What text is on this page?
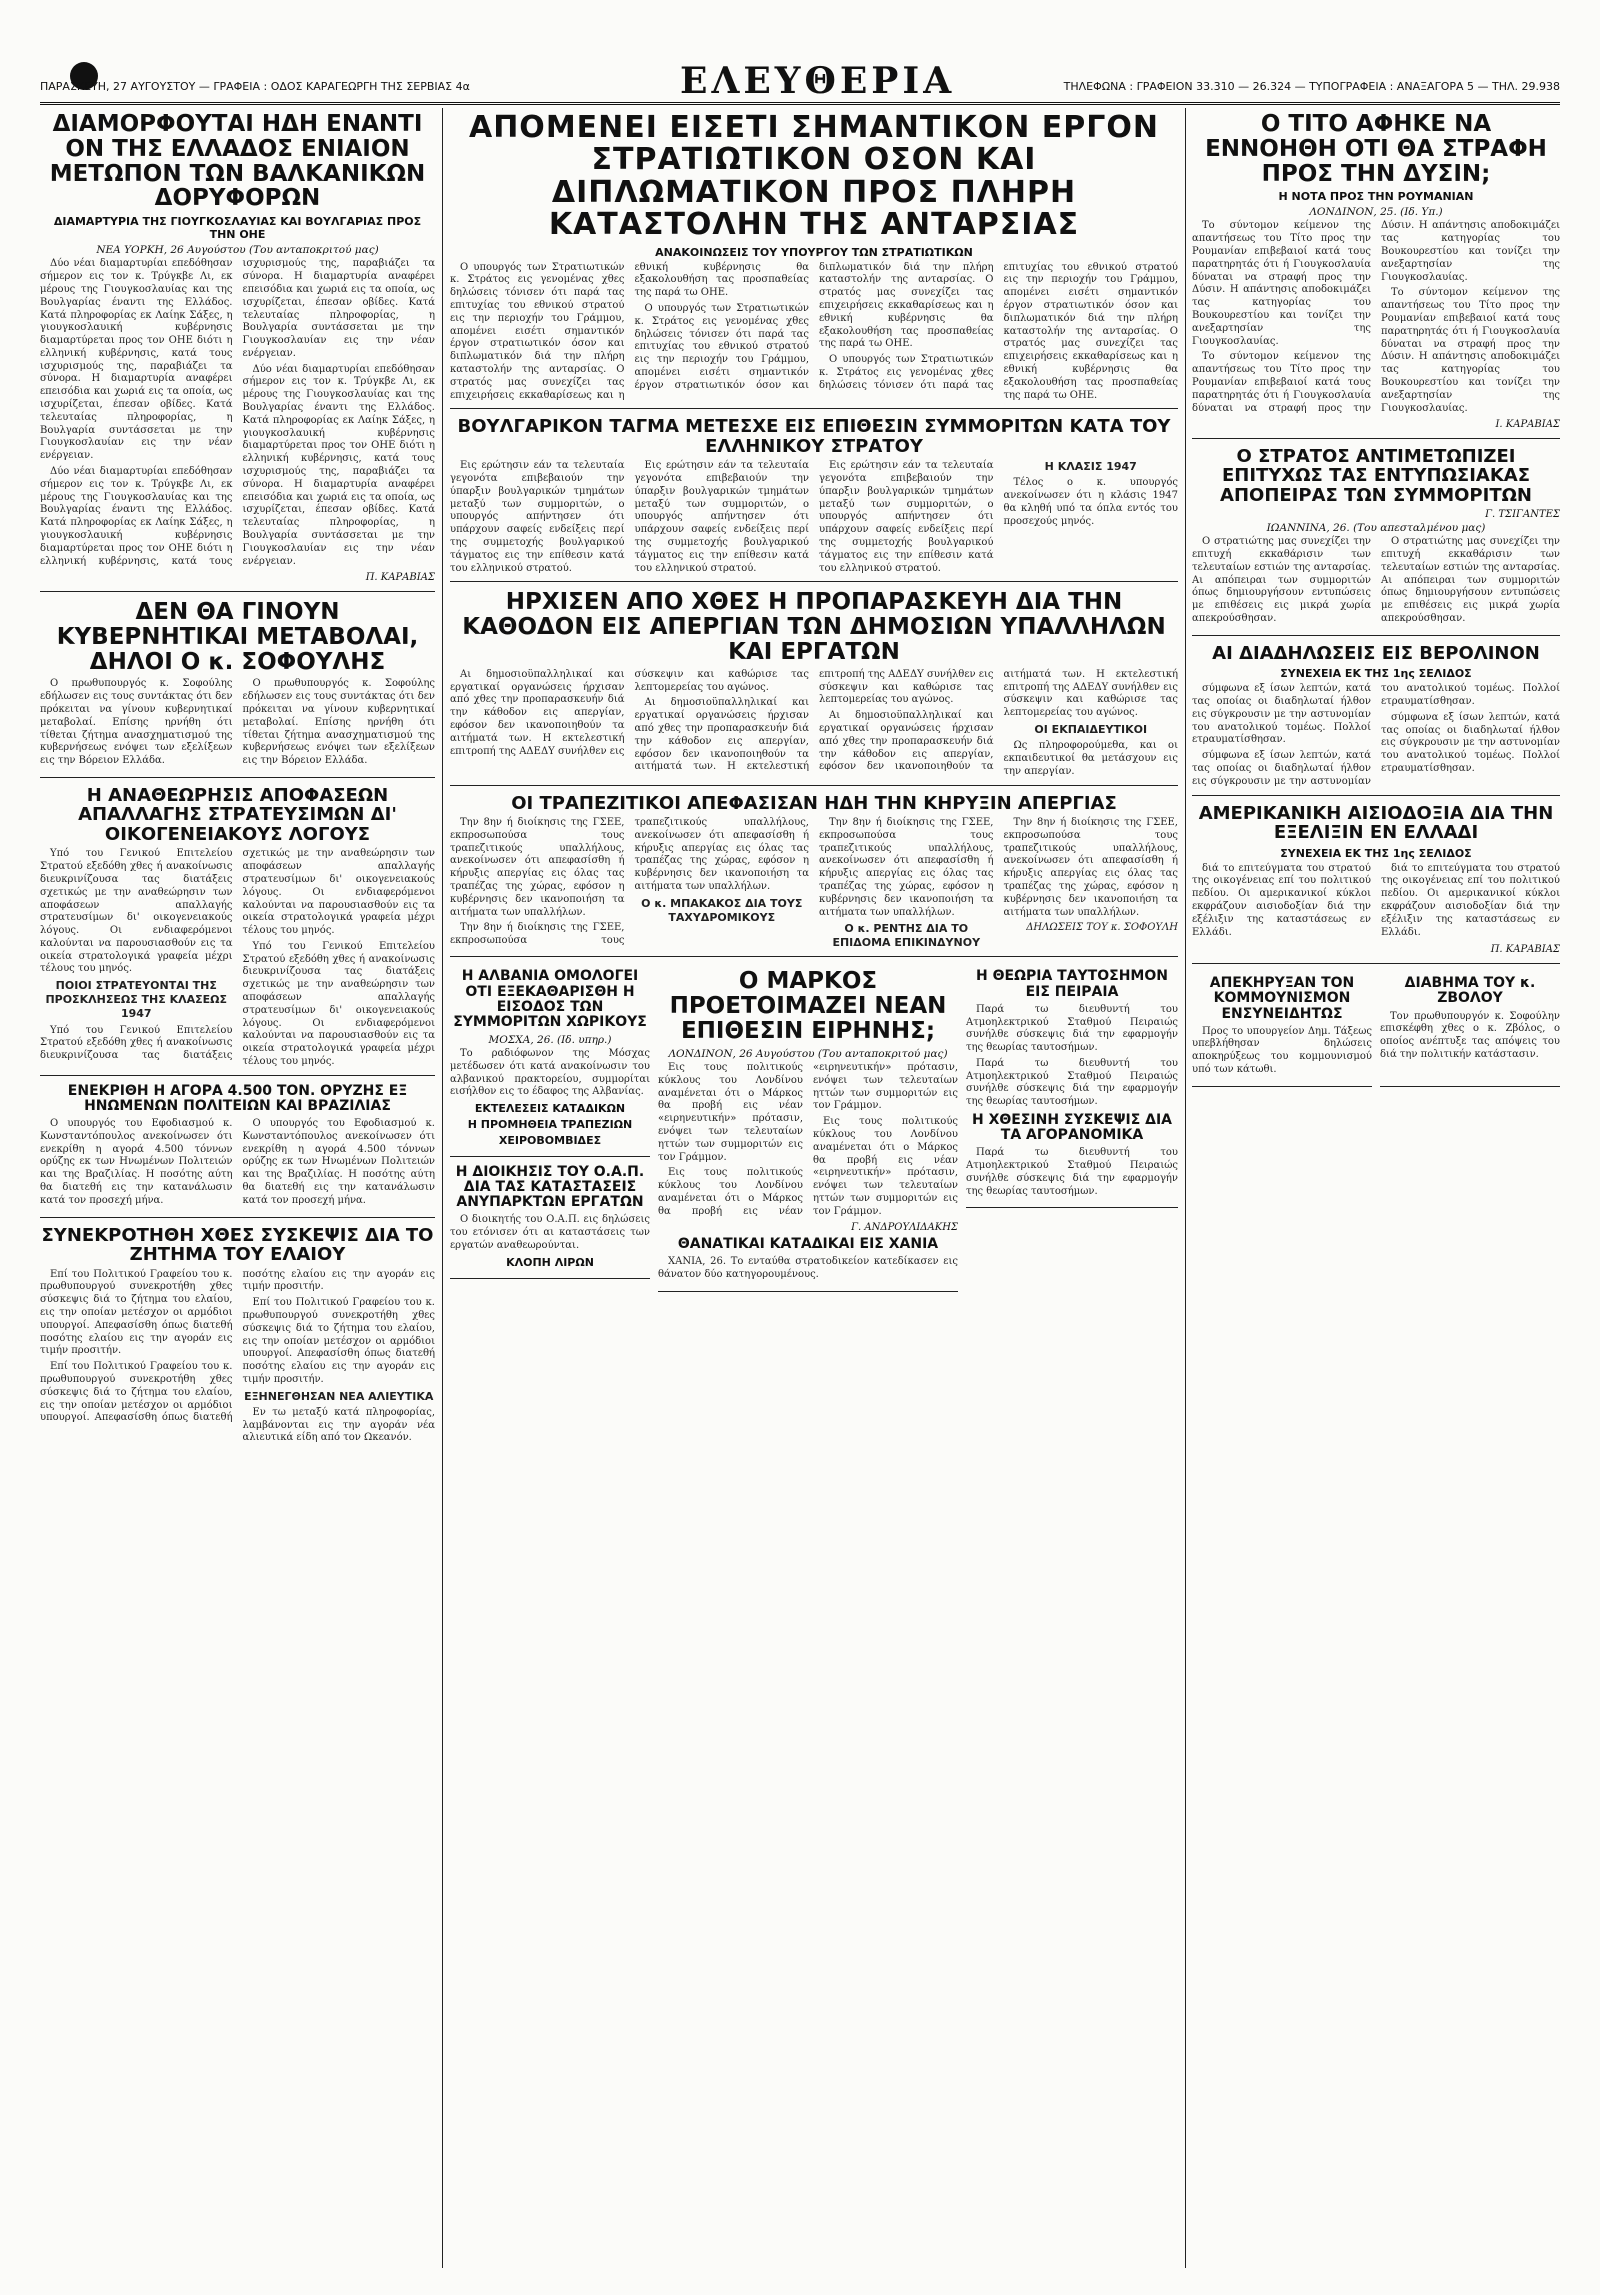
ΠΑΡΑΣΚΕΥΗ, 27 ΑΥΓΟΥΣΤΟΥ — ΓΡΑΦΕΙΑ : ΟΔΟΣ ΚΑΡΑΓΕΩΡΓΗ ΤΗΣ ΣΕΡΒΙΑΣ 4α	ΕΛΕΥΘΕΡΙΑ	ΤΗΛΕΦΩΝΑ : ΓΡΑΦΕΙΟΝ 33.310 — 26.324 — ΤΥΠΟΓΡΑΦΕΙΑ : ΑΝΑΞΑΓΟΡΑ 5 — ΤΗΛ. 29.938
ΔΙΑΜΟΡΦΟΥΤΑΙ ΗΔΗ ΕΝΑΝΤΙ ΟΝ ΤΗΣ ΕΛΛΑΔΟΣ ΕΝΙΑΙΟΝ ΜΕΤΩΠΟΝ ΤΩΝ ΒΑΛΚΑΝΙΚΩΝ ΔΟΡΥΦΟΡΩΝ
ΔΙΑΜΑΡΤΥΡΙΑ ΤΗΣ ΓΙΟΥΓΚΟΣΛΑΥΙΑΣ ΚΑΙ ΒΟΥΛΓΑΡΙΑΣ ΠΡΟΣ ΤΗΝ ΟΗΕ
ΝΕΑ ΥΟΡΚΗ, 26 Αυγούστου (Του ανταποκριτού μας)

Δύο νέαι διαμαρτυρίαι επεδόθησαν σήμερον εις τον κ. Τρύγκβε Λι, εκ μέρους της Γιουγκοσλαυίας και της Βουλγαρίας έναντι της Ελλάδος. Κατά πληροφορίας εκ Λαίηκ Σάξες, η γιουγκοσλαυική κυβέρνησις διαμαρτύρεται προς τον ΟΗΕ διότι η ελληνική κυβέρνησις, κατά τους ισχυρισμούς της, παραβιάζει τα σύνορα. Η διαμαρτυρία αναφέρει επεισόδια και χωριά εις τα οποία, ως ισχυρίζεται, έπεσαν οβίδες. Κατά τελευταίας πληροφορίας, η Βουλγαρία συντάσσεται με την Γιουγκοσλαυίαν εις την νέαν ενέργειαν.

Δύο νέαι διαμαρτυρίαι επεδόθησαν σήμερον εις τον κ. Τρύγκβε Λι, εκ μέρους της Γιουγκοσλαυίας και της Βουλγαρίας έναντι της Ελλάδος. Κατά πληροφορίας εκ Λαίηκ Σάξες, η γιουγκοσλαυική κυβέρνησις διαμαρτύρεται προς τον ΟΗΕ διότι η ελληνική κυβέρνησις, κατά τους ισχυρισμούς της, παραβιάζει τα σύνορα. Η διαμαρτυρία αναφέρει επεισόδια και χωριά εις τα οποία, ως ισχυρίζεται, έπεσαν οβίδες. Κατά τελευταίας πληροφορίας, η Βουλγαρία συντάσσεται με την Γιουγκοσλαυίαν εις την νέαν ενέργειαν.

Δύο νέαι διαμαρτυρίαι επεδόθησαν σήμερον εις τον κ. Τρύγκβε Λι, εκ μέρους της Γιουγκοσλαυίας και της Βουλγαρίας έναντι της Ελλάδος. Κατά πληροφορίας εκ Λαίηκ Σάξες, η γιουγκοσλαυική κυβέρνησις διαμαρτύρεται προς τον ΟΗΕ διότι η ελληνική κυβέρνησις, κατά τους ισχυρισμούς της, παραβιάζει τα σύνορα. Η διαμαρτυρία αναφέρει επεισόδια και χωριά εις τα οποία, ως ισχυρίζεται, έπεσαν οβίδες. Κατά τελευταίας πληροφορίας, η Βουλγαρία συντάσσεται με την Γιουγκοσλαυίαν εις την νέαν ενέργειαν.

Π. ΚΑΡΑΒΙΑΣ
ΔΕΝ ΘΑ ΓΙΝΟΥΝ ΚΥΒΕΡΝΗΤΙΚΑΙ ΜΕΤΑΒΟΛΑΙ, ΔΗΛΟΙ Ο κ. ΣΟΦΟΥΛΗΣ

Ο πρωθυπουργός κ. Σοφούλης εδήλωσεν εις τους συντάκτας ότι δεν πρόκειται να γίνουν κυβερνητικαί μεταβολαί. Επίσης ηρνήθη ότι τίθεται ζήτημα ανασχηματισμού της κυβερνήσεως ενόψει των εξελίξεων εις την Βόρειον Ελλάδα.

Ο πρωθυπουργός κ. Σοφούλης εδήλωσεν εις τους συντάκτας ότι δεν πρόκειται να γίνουν κυβερνητικαί μεταβολαί. Επίσης ηρνήθη ότι τίθεται ζήτημα ανασχηματισμού της κυβερνήσεως ενόψει των εξελίξεων εις την Βόρειον Ελλάδα.

Η ΑΝΑΘΕΩΡΗΣΙΣ ΑΠΟΦΑΣΕΩΝ ΑΠΑΛΛΑΓΗΣ ΣΤΡΑΤΕΥΣΙΜΩΝ ΔΙ' ΟΙΚΟΓΕΝΕΙΑΚΟΥΣ ΛΟΓΟΥΣ

Υπό του Γενικού Επιτελείου Στρατού εξεδόθη χθες ή ανακοίνωσις διευκρινίζουσα τας διατάξεις σχετικώς με την αναθεώρησιν των αποφάσεων απαλλαγής στρατευσίμων δι' οικογενειακούς λόγους. Οι ενδιαφερόμενοι καλούνται να παρουσιασθούν εις τα οικεία στρατολογικά γραφεία μέχρι τέλους του μηνός.

ΠΟΙΟΙ ΣΤΡΑΤΕΥΟΝΤΑΙ ΤΗΣ ΠΡΟΣΚΛΗΣΕΩΣ ΤΗΣ ΚΛΑΣΕΩΣ 1947

Υπό του Γενικού Επιτελείου Στρατού εξεδόθη χθες ή ανακοίνωσις διευκρινίζουσα τας διατάξεις σχετικώς με την αναθεώρησιν των αποφάσεων απαλλαγής στρατευσίμων δι' οικογενειακούς λόγους. Οι ενδιαφερόμενοι καλούνται να παρουσιασθούν εις τα οικεία στρατολογικά γραφεία μέχρι τέλους του μηνός.

Υπό του Γενικού Επιτελείου Στρατού εξεδόθη χθες ή ανακοίνωσις διευκρινίζουσα τας διατάξεις σχετικώς με την αναθεώρησιν των αποφάσεων απαλλαγής στρατευσίμων δι' οικογενειακούς λόγους. Οι ενδιαφερόμενοι καλούνται να παρουσιασθούν εις τα οικεία στρατολογικά γραφεία μέχρι τέλους του μηνός.

ΕΝΕΚΡΙΘΗ Η ΑΓΟΡΑ 4.500 ΤΟΝ. ΟΡΥΖΗΣ ΕΞ ΗΝΩΜΕΝΩΝ ΠΟΛΙΤΕΙΩΝ ΚΑΙ ΒΡΑΖΙΛΙΑΣ

Ο υπουργός του Εφοδιασμού κ. Κωνσταντόπουλος ανεκοίνωσεν ότι ενεκρίθη η αγορά 4.500 τόννων ορύζης εκ των Ηνωμένων Πολιτειών και της Βραζιλίας. Η ποσότης αύτη θα διατεθή εις την κατανάλωσιν κατά τον προσεχή μήνα.

Ο υπουργός του Εφοδιασμού κ. Κωνσταντόπουλος ανεκοίνωσεν ότι ενεκρίθη η αγορά 4.500 τόννων ορύζης εκ των Ηνωμένων Πολιτειών και της Βραζιλίας. Η ποσότης αύτη θα διατεθή εις την κατανάλωσιν κατά τον προσεχή μήνα.

ΣΥΝΕΚΡΟΤΗΘΗ ΧΘΕΣ ΣΥΣΚΕΨΙΣ ΔΙΑ ΤΟ ΖΗΤΗΜΑ ΤΟΥ ΕΛΑΙΟΥ

Επί του Πολιτικού Γραφείου του κ. πρωθυπουργού συνεκροτήθη χθες σύσκεψις διά το ζήτημα του ελαίου, εις την οποίαν μετέσχον οι αρμόδιοι υπουργοί. Απεφασίσθη όπως διατεθή ποσότης ελαίου εις την αγοράν εις τιμήν προσιτήν.

Επί του Πολιτικού Γραφείου του κ. πρωθυπουργού συνεκροτήθη χθες σύσκεψις διά το ζήτημα του ελαίου, εις την οποίαν μετέσχον οι αρμόδιοι υπουργοί. Απεφασίσθη όπως διατεθή ποσότης ελαίου εις την αγοράν εις τιμήν προσιτήν.

Επί του Πολιτικού Γραφείου του κ. πρωθυπουργού συνεκροτήθη χθες σύσκεψις διά το ζήτημα του ελαίου, εις την οποίαν μετέσχον οι αρμόδιοι υπουργοί. Απεφασίσθη όπως διατεθή ποσότης ελαίου εις την αγοράν εις τιμήν προσιτήν.

ΕΞΗΝΕΓΘΗΣΑΝ ΝΕΑ ΑΛΙΕΥΤΙΚΑ

Εν τω μεταξύ κατά πληροφορίας, λαμβάνονται εις την αγοράν νέα αλιευτικά είδη από τον Ωκεανόν.

ΑΠΟΜΕΝΕΙ ΕΙΣΕΤΙ ΣΗΜΑΝΤΙΚΟΝ ΕΡΓΟΝ ΣΤΡΑΤΙΩΤΙΚΟΝ ΟΣΟΝ ΚΑΙ ΔΙΠΛΩΜΑΤΙΚΟΝ ΠΡΟΣ ΠΛΗΡΗ ΚΑΤΑΣΤΟΛΗΝ ΤΗΣ ΑΝΤΑΡΣΙΑΣ
ΑΝΑΚΟΙΝΩΣΕΙΣ ΤΟΥ ΥΠΟΥΡΓΟΥ ΤΩΝ ΣΤΡΑΤΙΩΤΙΚΩΝ

Ο υπουργός των Στρατιωτικών κ. Στράτος εις γενομένας χθες δηλώσεις τόνισεν ότι παρά τας επιτυχίας του εθνικού στρατού εις την περιοχήν του Γράμμου, απομένει εισέτι σημαντικόν έργον στρατιωτικόν όσον και διπλωματικόν διά την πλήρη καταστολήν της ανταρσίας. Ο στρατός μας συνεχίζει τας επιχειρήσεις εκκαθαρίσεως και η εθνική κυβέρνησις θα εξακολουθήση τας προσπαθείας της παρά τω ΟΗΕ.

Ο υπουργός των Στρατιωτικών κ. Στράτος εις γενομένας χθες δηλώσεις τόνισεν ότι παρά τας επιτυχίας του εθνικού στρατού εις την περιοχήν του Γράμμου, απομένει εισέτι σημαντικόν έργον στρατιωτικόν όσον και διπλωματικόν διά την πλήρη καταστολήν της ανταρσίας. Ο στρατός μας συνεχίζει τας επιχειρήσεις εκκαθαρίσεως και η εθνική κυβέρνησις θα εξακολουθήση τας προσπαθείας της παρά τω ΟΗΕ.

Ο υπουργός των Στρατιωτικών κ. Στράτος εις γενομένας χθες δηλώσεις τόνισεν ότι παρά τας επιτυχίας του εθνικού στρατού εις την περιοχήν του Γράμμου, απομένει εισέτι σημαντικόν έργον στρατιωτικόν όσον και διπλωματικόν διά την πλήρη καταστολήν της ανταρσίας. Ο στρατός μας συνεχίζει τας επιχειρήσεις εκκαθαρίσεως και η εθνική κυβέρνησις θα εξακολουθήση τας προσπαθείας της παρά τω ΟΗΕ.

ΒΟΥΛΓΑΡΙΚΟΝ ΤΑΓΜΑ ΜΕΤΕΣΧΕ ΕΙΣ ΕΠΙΘΕΣΙΝ ΣΥΜΜΟΡΙΤΩΝ ΚΑΤΑ ΤΟΥ ΕΛΛΗΝΙΚΟΥ ΣΤΡΑΤΟΥ

Εις ερώτησιν εάν τα τελευταία γεγονότα επιβεβαιούν την ύπαρξιν βουλγαρικών τμημάτων μεταξύ των συμμοριτών, ο υπουργός απήντησεν ότι υπάρχουν σαφείς ενδείξεις περί της συμμετοχής βουλγαρικού τάγματος εις την επίθεσιν κατά του ελληνικού στρατού.

Εις ερώτησιν εάν τα τελευταία γεγονότα επιβεβαιούν την ύπαρξιν βουλγαρικών τμημάτων μεταξύ των συμμοριτών, ο υπουργός απήντησεν ότι υπάρχουν σαφείς ενδείξεις περί της συμμετοχής βουλγαρικού τάγματος εις την επίθεσιν κατά του ελληνικού στρατού.

Εις ερώτησιν εάν τα τελευταία γεγονότα επιβεβαιούν την ύπαρξιν βουλγαρικών τμημάτων μεταξύ των συμμοριτών, ο υπουργός απήντησεν ότι υπάρχουν σαφείς ενδείξεις περί της συμμετοχής βουλγαρικού τάγματος εις την επίθεσιν κατά του ελληνικού στρατού.

Η ΚΛΑΣΙΣ 1947

Τέλος ο κ. υπουργός ανεκοίνωσεν ότι η κλάσις 1947 θα κληθή υπό τα όπλα εντός του προσεχούς μηνός.

ΗΡΧΙΣΕΝ ΑΠΟ ΧΘΕΣ Η ΠΡΟΠΑΡΑΣΚΕΥΗ ΔΙΑ ΤΗΝ ΚΑΘΟΔΟΝ ΕΙΣ ΑΠΕΡΓΙΑΝ ΤΩΝ ΔΗΜΟΣΙΩΝ ΥΠΑΛΛΗΛΩΝ ΚΑΙ ΕΡΓΑΤΩΝ

Αι δημοσιοϋπαλληλικαί και εργατικαί οργανώσεις ήρχισαν από χθες την προπαρασκευήν διά την κάθοδον εις απεργίαν, εφόσον δεν ικανοποιηθούν τα αιτήματά των. Η εκτελεστική επιτροπή της ΑΔΕΔΥ συνήλθεν εις σύσκεψιν και καθώρισε τας λεπτομερείας του αγώνος.

Αι δημοσιοϋπαλληλικαί και εργατικαί οργανώσεις ήρχισαν από χθες την προπαρασκευήν διά την κάθοδον εις απεργίαν, εφόσον δεν ικανοποιηθούν τα αιτήματά των. Η εκτελεστική επιτροπή της ΑΔΕΔΥ συνήλθεν εις σύσκεψιν και καθώρισε τας λεπτομερείας του αγώνος.

Αι δημοσιοϋπαλληλικαί και εργατικαί οργανώσεις ήρχισαν από χθες την προπαρασκευήν διά την κάθοδον εις απεργίαν, εφόσον δεν ικανοποιηθούν τα αιτήματά των. Η εκτελεστική επιτροπή της ΑΔΕΔΥ συνήλθεν εις σύσκεψιν και καθώρισε τας λεπτομερείας του αγώνος.

ΟΙ ΕΚΠΑΙΔΕΥΤΙΚΟΙ

Ως πληροφορούμεθα, και οι εκπαιδευτικοί θα μετάσχουν εις την απεργίαν.

ΟΙ ΤΡΑΠΕΖΙΤΙΚΟΙ ΑΠΕΦΑΣΙΣΑΝ ΗΔΗ ΤΗΝ ΚΗΡΥΞΙΝ ΑΠΕΡΓΙΑΣ

Την 8ην ή διοίκησις της ΓΣΕΕ, εκπροσωπούσα τους τραπεζιτικούς υπαλλήλους, ανεκοίνωσεν ότι απεφασίσθη ή κήρυξις απεργίας εις όλας τας τραπέζας της χώρας, εφόσον η κυβέρνησις δεν ικανοποιήση τα αιτήματα των υπαλλήλων.

Την 8ην ή διοίκησις της ΓΣΕΕ, εκπροσωπούσα τους τραπεζιτικούς υπαλλήλους, ανεκοίνωσεν ότι απεφασίσθη ή κήρυξις απεργίας εις όλας τας τραπέζας της χώρας, εφόσον η κυβέρνησις δεν ικανοποιήση τα αιτήματα των υπαλλήλων.

Ο κ. ΜΠΑΚΑΚΟΣ ΔΙΑ ΤΟΥΣ ΤΑΧΥΔΡΟΜΙΚΟΥΣ

Την 8ην ή διοίκησις της ΓΣΕΕ, εκπροσωπούσα τους τραπεζιτικούς υπαλλήλους, ανεκοίνωσεν ότι απεφασίσθη ή κήρυξις απεργίας εις όλας τας τραπέζας της χώρας, εφόσον η κυβέρνησις δεν ικανοποιήση τα αιτήματα των υπαλλήλων.

Ο κ. ΡΕΝΤΗΣ ΔΙΑ ΤΟ ΕΠΙΔΟΜΑ ΕΠΙΚΙΝΔΥΝΟΥ

Την 8ην ή διοίκησις της ΓΣΕΕ, εκπροσωπούσα τους τραπεζιτικούς υπαλλήλους, ανεκοίνωσεν ότι απεφασίσθη ή κήρυξις απεργίας εις όλας τας τραπέζας της χώρας, εφόσον η κυβέρνησις δεν ικανοποιήση τα αιτήματα των υπαλλήλων.

ΔΗΛΩΣΕΙΣ ΤΟΥ κ. ΣΟΦΟΥΛΗ
Η ΑΛΒΑΝΙΑ ΟΜΟΛΟΓΕΙ ΟΤΙ ΕΞΕΚΑΘΑΡΙΣΘΗ Η ΕΙΣΟΔΟΣ ΤΩΝ ΣΥΜΜΟΡΙΤΩΝ ΧΩΡΙΚΟΥΣ
ΜΟΣΧΑ, 26. (Ιδ. υπηρ.)

Το ραδιόφωνον της Μόσχας μετέδωσεν ότι κατά ανακοίνωσιν του αλβανικού πρακτορείου, συμμορίται εισήλθον εις το έδαφος της Αλβανίας.

ΕΚΤΕΛΕΣΕΙΣ ΚΑΤΑΔΙΚΩΝ
Η ΠΡΟΜΗΘΕΙΑ ΤΡΑΠΕΖΙΩΝ
ΧΕΙΡΟΒΟΜΒΙΔΕΣ
Η ΔΙΟΙΚΗΣΙΣ ΤΟΥ Ο.Α.Π. ΔΙΑ ΤΑΣ ΚΑΤΑΣΤΑΣΕΙΣ ΑΝΥΠΑΡΚΤΩΝ ΕΡΓΑΤΩΝ

Ο διοικητής του Ο.Α.Π. εις δηλώσεις του ετόνισεν ότι αι καταστάσεις των εργατών αναθεωρούνται.

ΚΛΟΠΗ ΛΙΡΩΝ
Ο ΜΑΡΚΟΣ ΠΡΟΕΤΟΙΜΑΖΕΙ ΝΕΑΝ ΕΠΙΘΕΣΙΝ ΕΙΡΗΝΗΣ;
ΛΟΝΔΙΝΟΝ, 26 Αυγούστου (Του ανταποκριτού μας)

Εις τους πολιτικούς κύκλους του Λονδίνου αναμένεται ότι ο Μάρκος θα προβή εις νέαν «ειρηνευτικήν» πρότασιν, ενόψει των τελευταίων ηττών των συμμοριτών εις τον Γράμμον.

Εις τους πολιτικούς κύκλους του Λονδίνου αναμένεται ότι ο Μάρκος θα προβή εις νέαν «ειρηνευτικήν» πρότασιν, ενόψει των τελευταίων ηττών των συμμοριτών εις τον Γράμμον.

Εις τους πολιτικούς κύκλους του Λονδίνου αναμένεται ότι ο Μάρκος θα προβή εις νέαν «ειρηνευτικήν» πρότασιν, ενόψει των τελευταίων ηττών των συμμοριτών εις τον Γράμμον.

Γ. ΑΝΔΡΟΥΛΙΔΑΚΗΣ
ΘΑΝΑΤΙΚΑΙ ΚΑΤΑΔΙΚΑΙ ΕΙΣ ΧΑΝΙΑ

ΧΑΝΙΑ, 26. Το ενταύθα στρατοδικείον κατεδίκασεν εις θάνατον δύο κατηγορουμένους.

Η ΘΕΩΡΙΑ ΤΑΥΤΟΣΗΜΟΝ ΕΙΣ ΠΕΙΡΑΙΑ

Παρά τω διευθυντή του Ατμοηλεκτρικού Σταθμού Πειραιώς συνήλθε σύσκεψις διά την εφαρμογήν της θεωρίας ταυτοσήμων.

Παρά τω διευθυντή του Ατμοηλεκτρικού Σταθμού Πειραιώς συνήλθε σύσκεψις διά την εφαρμογήν της θεωρίας ταυτοσήμων.

Η ΧΘΕΣΙΝΗ ΣΥΣΚΕΨΙΣ ΔΙΑ ΤΑ ΑΓΟΡΑΝΟΜΙΚΑ

Παρά τω διευθυντή του Ατμοηλεκτρικού Σταθμού Πειραιώς συνήλθε σύσκεψις διά την εφαρμογήν της θεωρίας ταυτοσήμων.

Ο ΤΙΤΟ ΑΦΗΚΕ ΝΑ ΕΝΝΟΗΘΗ ΟΤΙ ΘΑ ΣΤΡΑΦΗ ΠΡΟΣ ΤΗΝ ΔΥΣΙΝ;
Η ΝΟΤΑ ΠΡΟΣ ΤΗΝ ΡΟΥΜΑΝΙΑΝ
ΛΟΝΔΙΝΟΝ, 25. (Ιδ. Υπ.)

Το σύντομον κείμενον της απαντήσεως του Τίτο προς την Ρουμανίαν επιβεβαιοί κατά τους παρατηρητάς ότι ή Γιουγκοσλαυία δύναται να στραφή προς την Δύσιν. Η απάντησις αποδοκιμάζει τας κατηγορίας του Βουκουρεστίου και τονίζει την ανεξαρτησίαν της Γιουγκοσλαυίας.

Το σύντομον κείμενον της απαντήσεως του Τίτο προς την Ρουμανίαν επιβεβαιοί κατά τους παρατηρητάς ότι ή Γιουγκοσλαυία δύναται να στραφή προς την Δύσιν. Η απάντησις αποδοκιμάζει τας κατηγορίας του Βουκουρεστίου και τονίζει την ανεξαρτησίαν της Γιουγκοσλαυίας.

Το σύντομον κείμενον της απαντήσεως του Τίτο προς την Ρουμανίαν επιβεβαιοί κατά τους παρατηρητάς ότι ή Γιουγκοσλαυία δύναται να στραφή προς την Δύσιν. Η απάντησις αποδοκιμάζει τας κατηγορίας του Βουκουρεστίου και τονίζει την ανεξαρτησίαν της Γιουγκοσλαυίας.

Ι. ΚΑΡΑΒΙΑΣ
Ο ΣΤΡΑΤΟΣ ΑΝΤΙΜΕΤΩΠΙΖΕΙ ΕΠΙΤΥΧΩΣ ΤΑΣ ΕΝΤΥΠΩΣΙΑΚΑΣ ΑΠΟΠΕΙΡΑΣ ΤΩΝ ΣΥΜΜΟΡΙΤΩΝ
Γ. ΤΣΙΓΑΝΤΕΣ
ΙΩΑΝΝΙΝΑ, 26. (Του απεσταλμένου μας)

Ο στρατιώτης μας συνεχίζει την επιτυχή εκκαθάρισιν των τελευταίων εστιών της ανταρσίας. Αι απόπειραι των συμμοριτών όπως δημιουργήσουν εντυπώσεις με επιθέσεις εις μικρά χωρία απεκρούσθησαν.

Ο στρατιώτης μας συνεχίζει την επιτυχή εκκαθάρισιν των τελευταίων εστιών της ανταρσίας. Αι απόπειραι των συμμοριτών όπως δημιουργήσουν εντυπώσεις με επιθέσεις εις μικρά χωρία απεκρούσθησαν.

ΑΙ ΔΙΑΔΗΛΩΣΕΙΣ ΕΙΣ ΒΕΡΟΛΙΝΟΝ
ΣΥΝΕΧΕΙΑ ΕΚ ΤΗΣ 1ης ΣΕΛΙΔΟΣ

σύμφωνα εξ ίσων λεπτών, κατά τας οποίας οι διαδηλωταί ήλθον εις σύγκρουσιν με την αστυνομίαν του ανατολικού τομέως. Πολλοί ετραυματίσθησαν.

σύμφωνα εξ ίσων λεπτών, κατά τας οποίας οι διαδηλωταί ήλθον εις σύγκρουσιν με την αστυνομίαν του ανατολικού τομέως. Πολλοί ετραυματίσθησαν.

σύμφωνα εξ ίσων λεπτών, κατά τας οποίας οι διαδηλωταί ήλθον εις σύγκρουσιν με την αστυνομίαν του ανατολικού τομέως. Πολλοί ετραυματίσθησαν.

ΑΜΕΡΙΚΑΝΙΚΗ ΑΙΣΙΟΔΟΞΙΑ ΔΙΑ ΤΗΝ ΕΞΕΛΙΞΙΝ ΕΝ ΕΛΛΑΔΙ
ΣΥΝΕΧΕΙΑ ΕΚ ΤΗΣ 1ης ΣΕΛΙΔΟΣ

διά το επιτεύγματα του στρατού της οικογένειας επί του πολιτικού πεδίου. Οι αμερικανικοί κύκλοι εκφράζουν αισιοδοξίαν διά την εξέλιξιν της καταστάσεως εν Ελλάδι.

διά το επιτεύγματα του στρατού της οικογένειας επί του πολιτικού πεδίου. Οι αμερικανικοί κύκλοι εκφράζουν αισιοδοξίαν διά την εξέλιξιν της καταστάσεως εν Ελλάδι.

Π. ΚΑΡΑΒΙΑΣ
ΑΠΕΚΗΡΥΞΑΝ ΤΟΝ ΚΟΜΜΟΥΝΙΣΜΟΝ ΕΝΣΥΝΕΙΔΗΤΩΣ

Προς το υπουργείον Δημ. Τάξεως υπεβλήθησαν δηλώσεις αποκηρύξεως του κομμουνισμού υπό των κάτωθι.

ΔΙΑΒΗΜΑ ΤΟΥ κ. ΖΒΟΛΟΥ

Τον πρωθυπουργόν κ. Σοφούλην επισκέφθη χθες ο κ. Ζβόλος, ο οποίος ανέπτυξε τας απόψεις του διά την πολιτικήν κατάστασιν.
